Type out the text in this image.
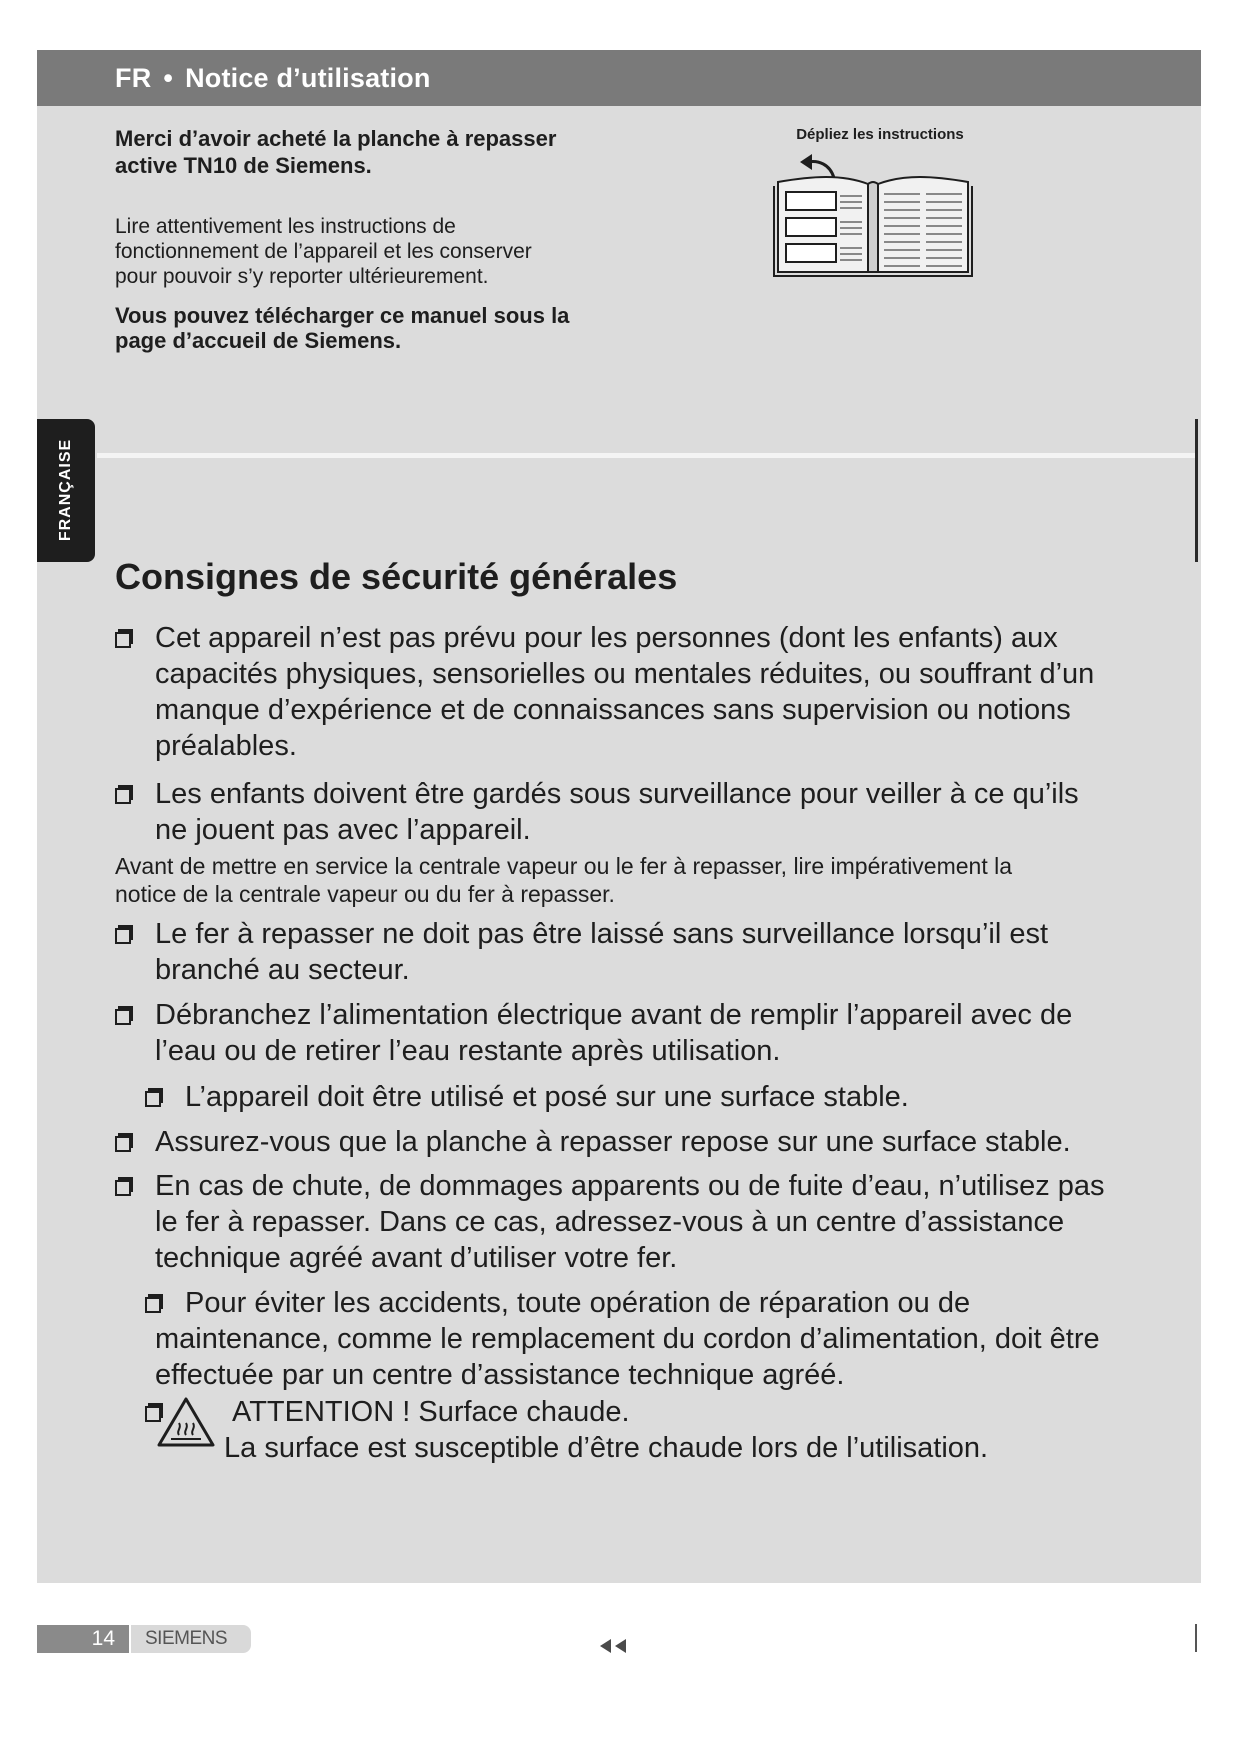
FR • Notice d’utilisation
Merci d’avoir acheté la planche à repasser
active TN10 de Siemens.
Lire attentivement les instructions de
fonctionnement de l’appareil et les conserver
pour pouvoir s’y reporter ultérieurement.
Vous pouvez télécharger ce manuel sous la
page d’accueil de Siemens.
Dépliez les instructions
FRANÇAISE
Consignes de sécurité générales
Cet appareil n’est pas prévu pour les personnes (dont les enfants) aux
capacités physiques, sensorielles ou mentales réduites, ou souffrant d’un
manque d’expérience et de connaissances sans supervision ou notions
préalables.
Les enfants doivent être gardés sous surveillance pour veiller à ce qu’ils
ne jouent pas avec l’appareil.
Avant de mettre en service la centrale vapeur ou le fer à repasser, lire impérativement la
notice de la centrale vapeur ou du fer à repasser.
Le fer à repasser ne doit pas être laissé sans surveillance lorsqu’il est
branché au secteur.
Débranchez l’alimentation électrique avant de remplir l’appareil avec de
l’eau ou de retirer l’eau restante après utilisation.
L’appareil doit être utilisé et posé sur une surface stable.
Assurez-vous que la planche à repasser repose sur une surface stable.
En cas de chute, de dommages apparents ou de fuite d’eau, n’utilisez pas
le fer à repasser. Dans ce cas, adressez-vous à un centre d’assistance
technique agréé avant d’utiliser votre fer.
Pour éviter les accidents, toute opération de réparation ou de
maintenance, comme le remplacement du cordon d’alimentation, doit être
effectuée par un centre d’assistance technique agréé.
ATTENTION ! Surface chaude.
La surface est susceptible d’être chaude lors de l’utilisation.
14	SIEMENS
